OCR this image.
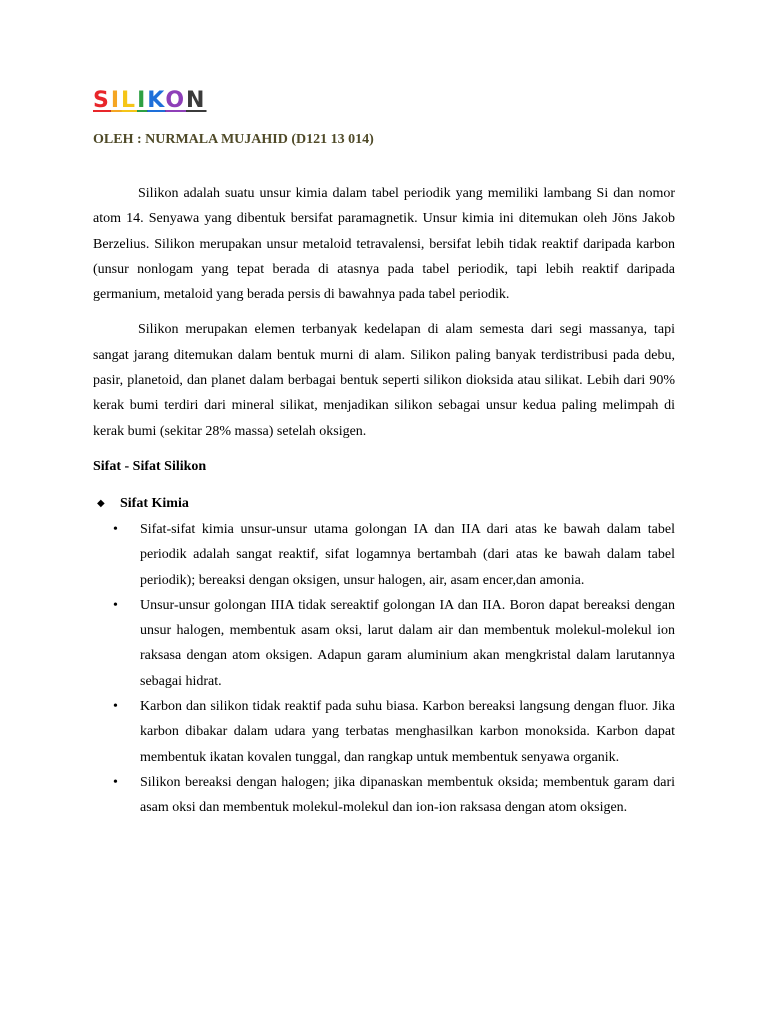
SILIKON

OLEH : NURMALA MUJAHID (D121 13 014)

Silikon adalah suatu unsur kimia dalam tabel periodik yang memiliki lambang Si dan nomor atom 14. Senyawa yang dibentuk bersifat paramagnetik. Unsur kimia ini ditemukan oleh Jöns Jakob Berzelius. Silikon merupakan unsur metaloid tetravalensi, bersifat lebih tidak reaktif daripada karbon (unsur nonlogam yang tepat berada di atasnya pada tabel periodik, tapi lebih reaktif daripada germanium, metaloid yang berada persis di bawahnya pada tabel periodik.

Silikon merupakan elemen terbanyak kedelapan di alam semesta dari segi massanya, tapi sangat jarang ditemukan dalam bentuk murni di alam. Silikon paling banyak terdistribusi pada debu, pasir, planetoid, dan planet dalam berbagai bentuk seperti silikon dioksida atau silikat. Lebih dari 90% kerak bumi terdiri dari mineral silikat, menjadikan silikon sebagai unsur kedua paling melimpah di kerak bumi (sekitar 28% massa) setelah oksigen.

Sifat - Sifat Silikon

◆ Sifat Kimia

• Sifat-sifat kimia unsur-unsur utama golongan IA dan IIA dari atas ke bawah dalam tabel periodik adalah sangat reaktif, sifat logamnya bertambah (dari atas ke bawah dalam tabel periodik); bereaksi dengan oksigen, unsur halogen, air, asam encer,dan amonia.
• Unsur-unsur golongan IIIA tidak sereaktif golongan IA dan IIA. Boron dapat bereaksi dengan unsur halogen, membentuk asam oksi, larut dalam air dan membentuk molekul-molekul ion raksasa dengan atom oksigen. Adapun garam aluminium akan mengkristal dalam larutannya sebagai hidrat.
• Karbon dan silikon tidak reaktif pada suhu biasa. Karbon bereaksi langsung dengan fluor. Jika karbon dibakar dalam udara yang terbatas menghasilkan karbon monoksida. Karbon dapat membentuk ikatan kovalen tunggal, dan rangkap untuk membentuk senyawa organik.
• Silikon bereaksi dengan halogen; jika dipanaskan membentuk oksida; membentuk garam dari asam oksi dan membentuk molekul-molekul dan ion-ion raksasa dengan atom oksigen.
